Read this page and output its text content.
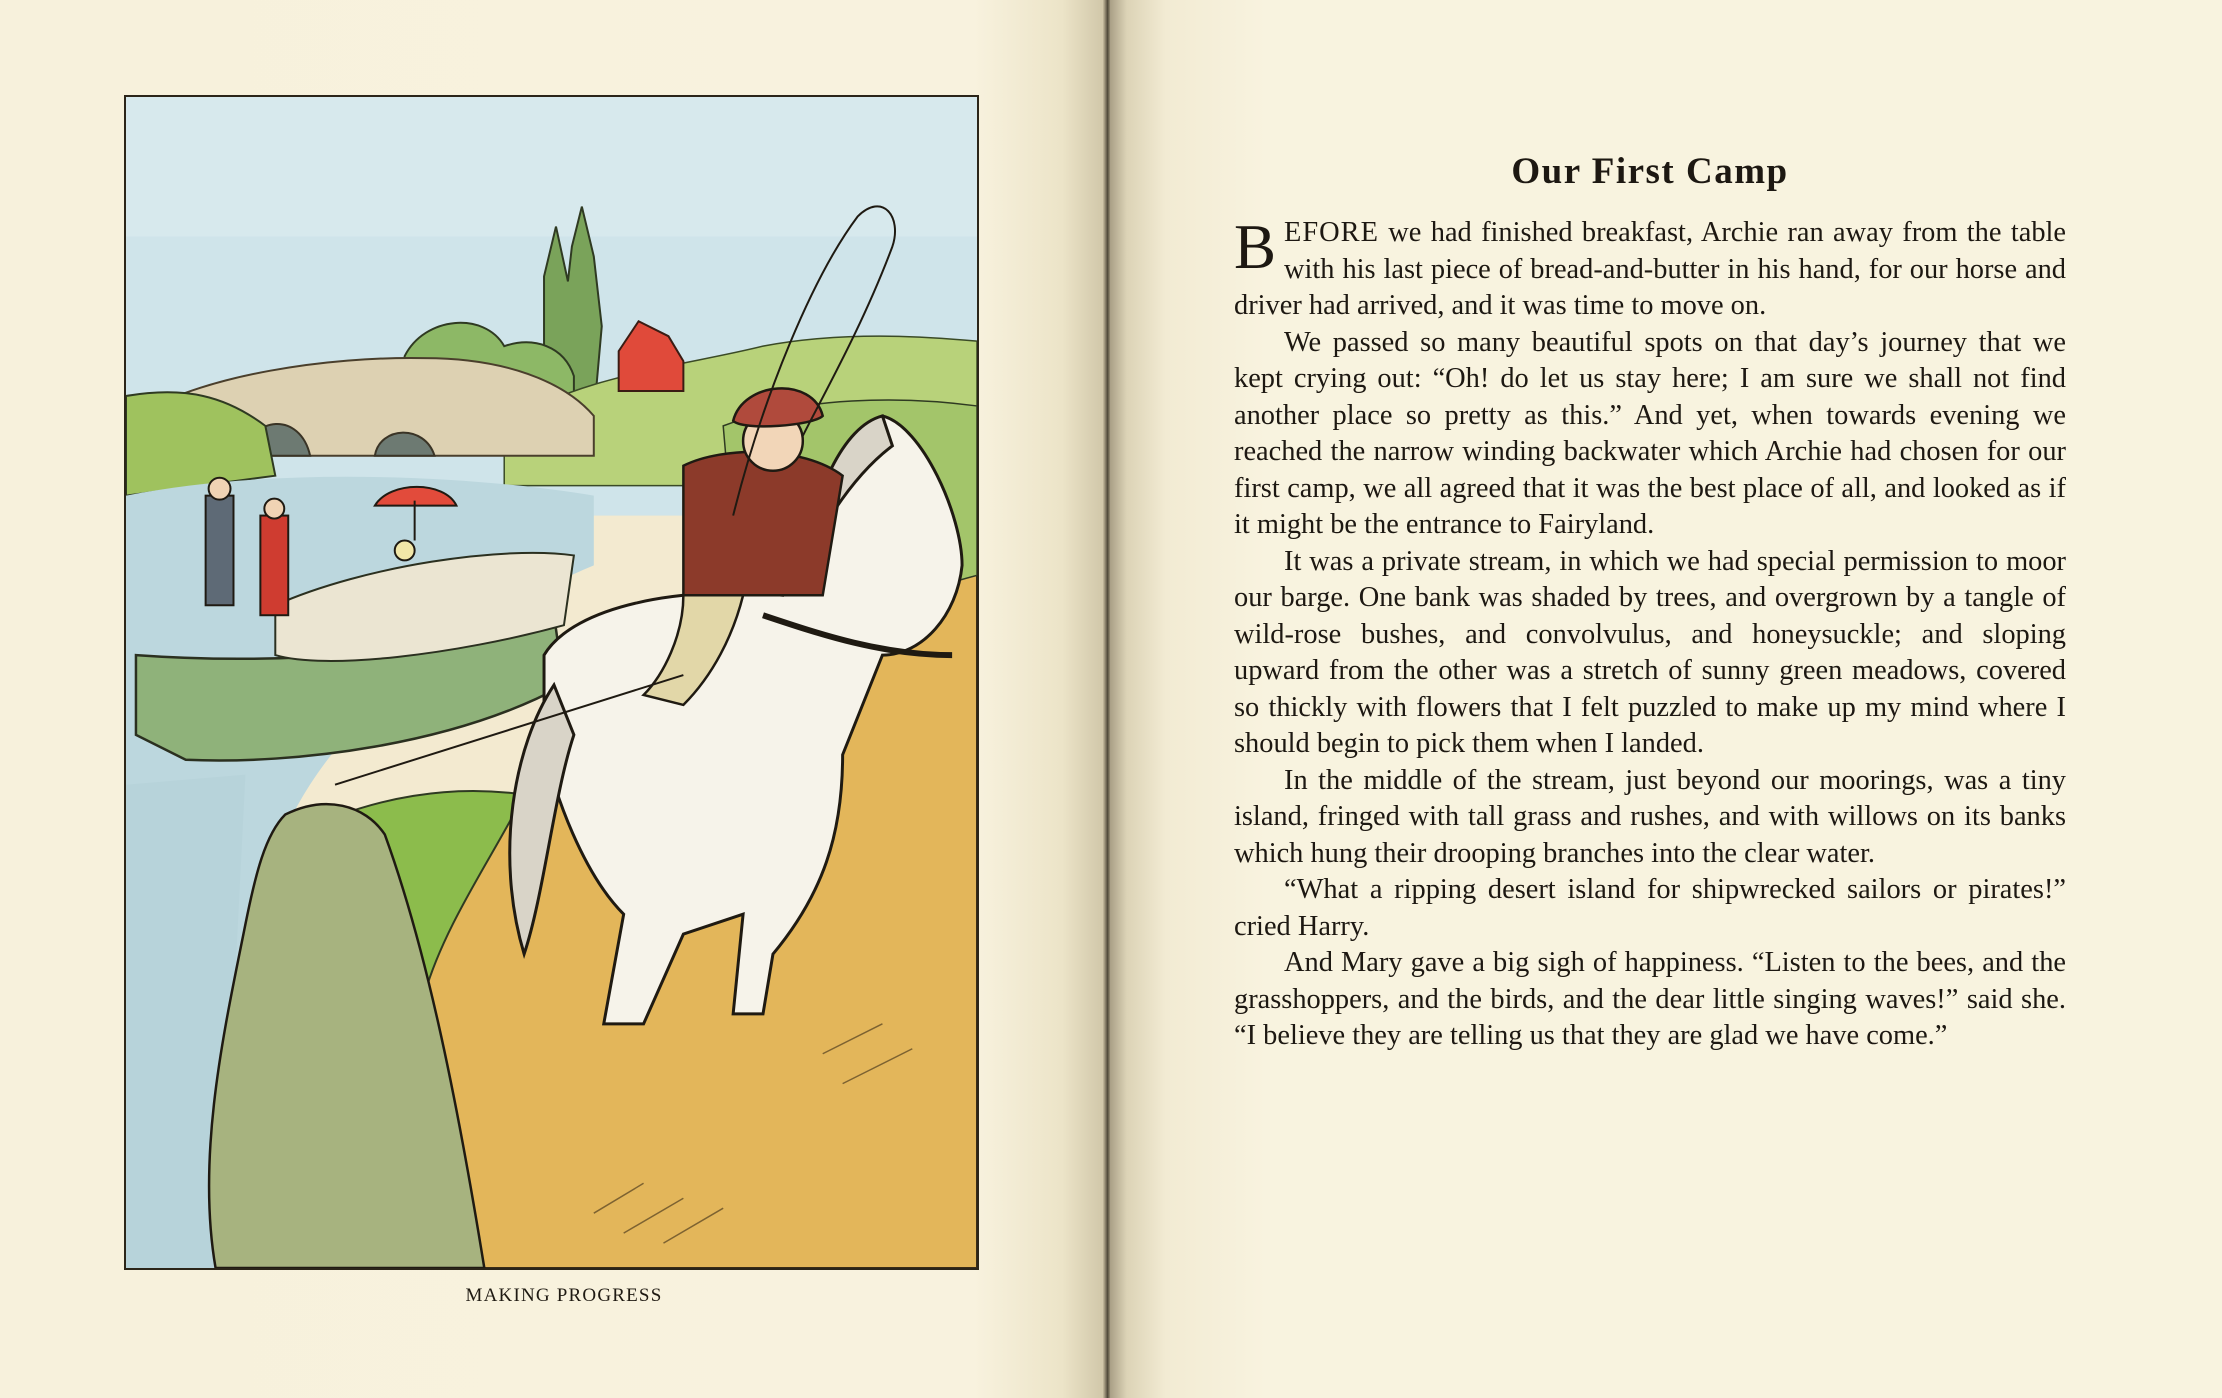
MAKING PROGRESS
Our First Camp

BEFORE we had finished breakfast, Archie ran away from the table with his last piece of bread-and-butter in his hand, for our horse and driver had arrived, and it was time to move on.

We passed so many beautiful spots on that day’s journey that we kept crying out: “Oh! do let us stay here; I am sure we shall not find another place so pretty as this.” And yet, when towards evening we reached the narrow winding backwater which Archie had chosen for our first camp, we all agreed that it was the best place of all, and looked as if it might be the entrance to Fairyland.

It was a private stream, in which we had special permission to moor our barge. One bank was shaded by trees, and overgrown by a tangle of wild-rose bushes, and convolvulus, and honeysuckle; and sloping upward from the other was a stretch of sunny green meadows, covered so thickly with flowers that I felt puzzled to make up my mind where I should begin to pick them when I landed.

In the middle of the stream, just beyond our moorings, was a tiny island, fringed with tall grass and rushes, and with willows on its banks which hung their drooping branches into the clear water.

“What a ripping desert island for shipwrecked sailors or pirates!” cried Harry.

And Mary gave a big sigh of happiness. “Listen to the bees, and the grasshoppers, and the birds, and the dear little singing waves!” said she. “I believe they are telling us that they are glad we have come.”
